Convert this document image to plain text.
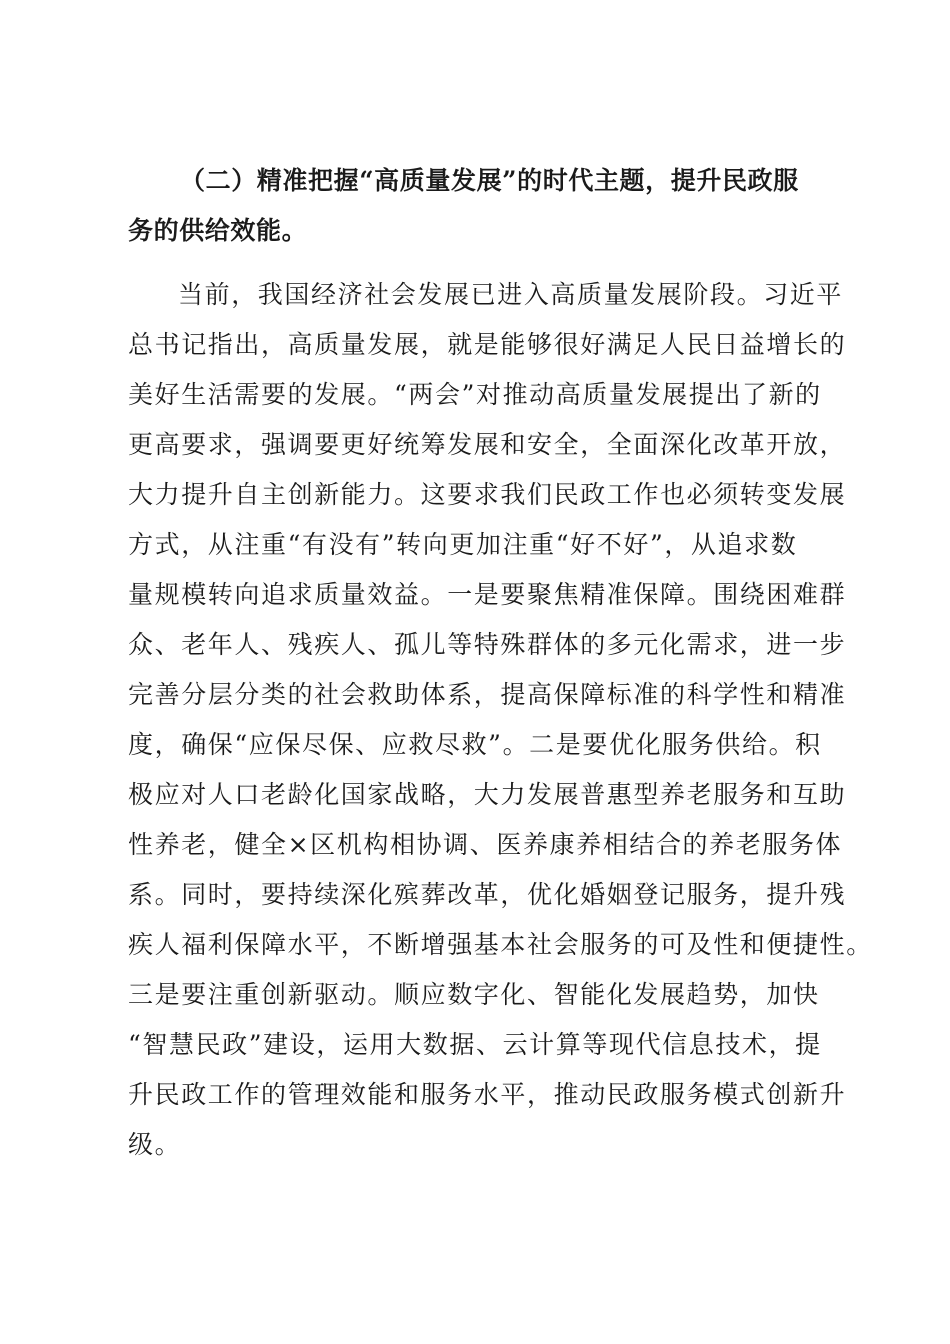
（二）精准把握“高质量发展”的时代主题，提升民政服
务的供给效能。

当前，我国经济社会发展已进入高质量发展阶段。习近平
总书记指出，高质量发展，就是能够很好满足人民日益增长的
美好生活需要的发展。“两会”对推动高质量发展提出了新的
更高要求，强调要更好统筹发展和安全，全面深化改革开放，
大力提升自主创新能力。这要求我们民政工作也必须转变发展
方式，从注重“有没有”转向更加注重“好不好”，从追求数
量规模转向追求质量效益。一是要聚焦精准保障。围绕困难群
众、老年人、残疾人、孤儿等特殊群体的多元化需求，进一步
完善分层分类的社会救助体系，提高保障标准的科学性和精准
度，确保“应保尽保、应救尽救”。二是要优化服务供给。积
极应对人口老龄化国家战略，大力发展普惠型养老服务和互助
性养老，健全×区机构相协调、医养康养相结合的养老服务体
系。同时，要持续深化殡葬改革，优化婚姻登记服务，提升残
疾人福利保障水平，不断增强基本社会服务的可及性和便捷性。
三是要注重创新驱动。顺应数字化、智能化发展趋势，加快
“智慧民政”建设，运用大数据、云计算等现代信息技术，提
升民政工作的管理效能和服务水平，推动民政服务模式创新升
级。
